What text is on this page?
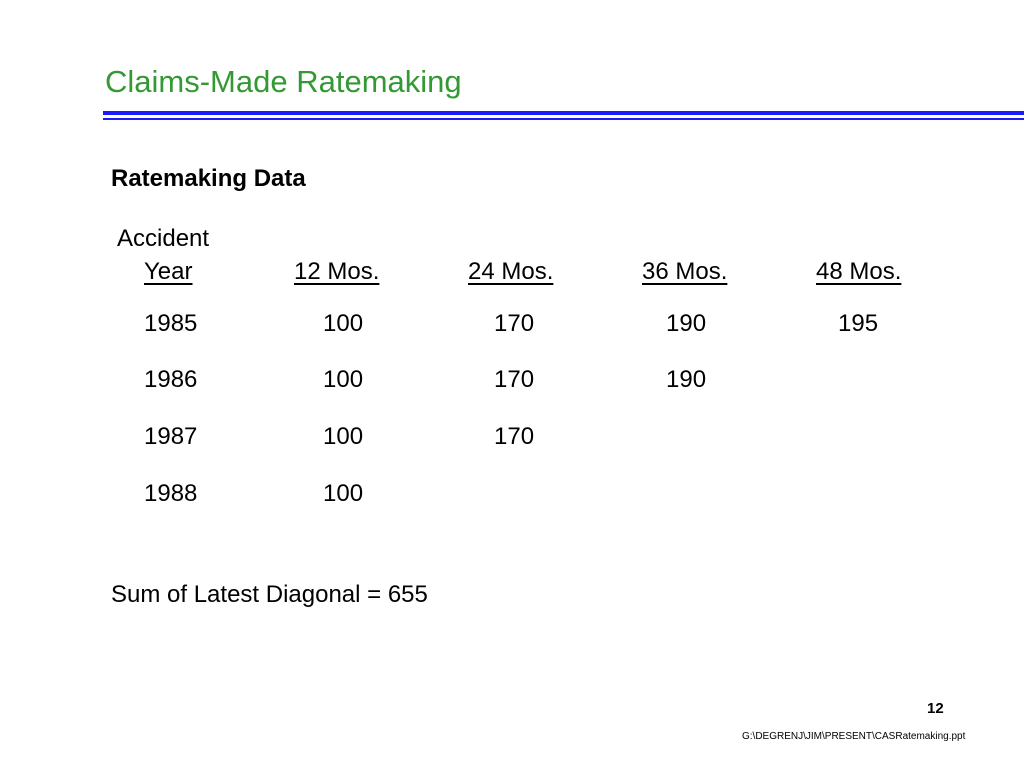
Claims-Made Ratemaking
Ratemaking Data
Accident
Year	12 Mos.	24 Mos.	36 Mos.	48 Mos.
1985	100	170	190	195
1986	100	170	190
1987	100	170
1988	100
Sum of Latest Diagonal = 655
12
G:\DEGRENJ\JIM\PRESENT\CASRatemaking.ppt
